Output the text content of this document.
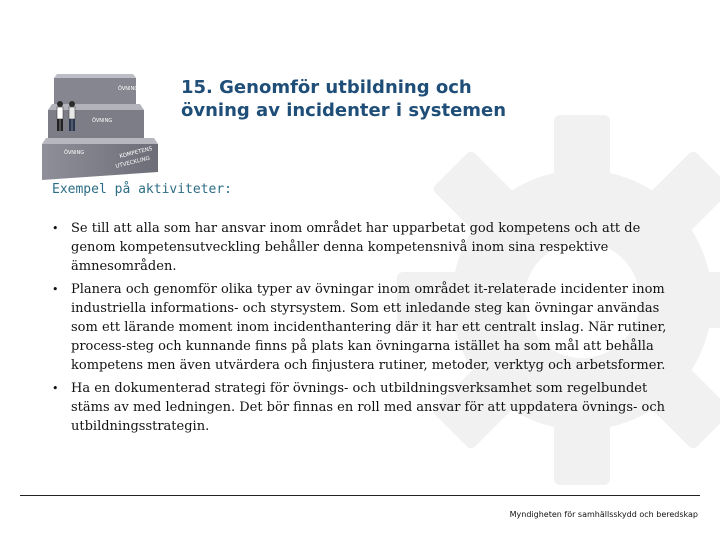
ÖVNING
ÖVNING
ÖVNING	KOMPETENS
UTVECKLING
15. Genomför utbildning och
övning av incidenter i systemen

Exempel på aktiviteter:

• Se till att alla som har ansvar inom området har upparbetat god kompetens och att de genom kompetensutveckling behåller denna kompetensnivå inom sina respektive ämnesområden.
• Planera och genomför olika typer av övningar inom området it-relaterade incidenter inom industriella informations- och styrsystem. Som ett inledande steg kan övningar användas som ett lärande moment inom incidenthantering där it har ett centralt inslag. När rutiner, process-steg och kunnande finns på plats kan övningarna istället ha som mål att behålla kompetens men även utvärdera och finjustera rutiner, metoder, verktyg och arbetsformer.
• Ha en dokumenterad strategi för övnings- och utbildningsverksamhet som regelbundet stäms av med ledningen. Det bör finnas en roll med ansvar för att uppdatera övnings- och utbildningsstrategin.

Myndigheten för samhällsskydd och beredskap
